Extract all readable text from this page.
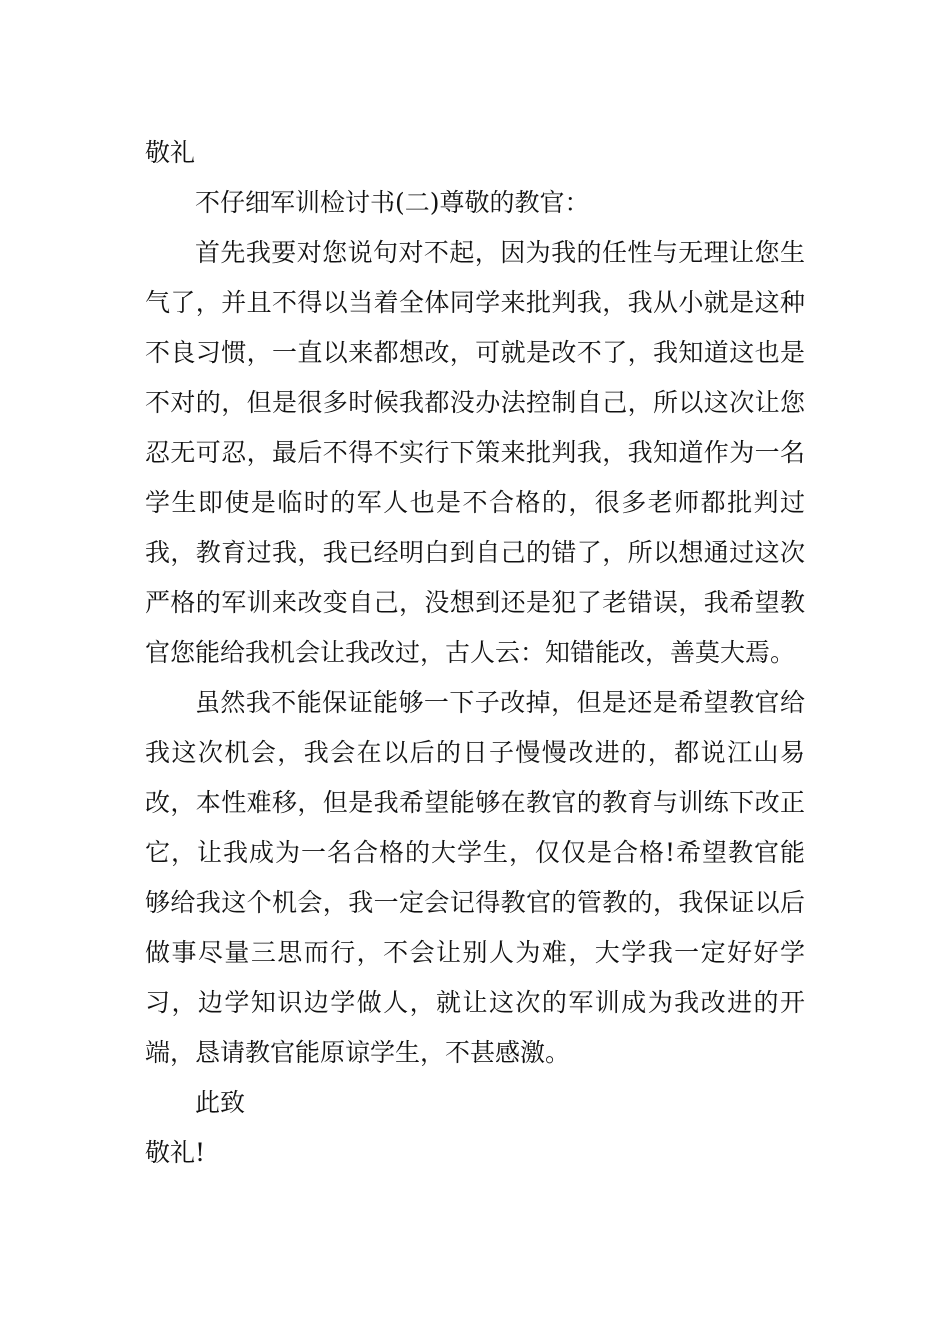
敬礼

不仔细军训检讨书(二)尊敬的教官：

首先我要对您说句对不起，因为我的任性与无理让您生气了，并且不得以当着全体同学来批判我，我从小就是这种不良习惯，一直以来都想改，可就是改不了，我知道这也是不对的，但是很多时候我都没办法控制自己，所以这次让您忍无可忍，最后不得不实行下策来批判我，我知道作为一名学生即使是临时的军人也是不合格的，很多老师都批判过我，教育过我，我已经明白到自己的错了，所以想通过这次严格的军训来改变自己，没想到还是犯了老错误，我希望教官您能给我机会让我改过，古人云：知错能改，善莫大焉。

虽然我不能保证能够一下子改掉，但是还是希望教官给我这次机会，我会在以后的日子慢慢改进的，都说江山易改，本性难移，但是我希望能够在教官的教育与训练下改正它，让我成为一名合格的大学生，仅仅是合格!希望教官能够给我这个机会，我一定会记得教官的管教的，我保证以后做事尽量三思而行，不会让别人为难，大学我一定好好学习，边学知识边学做人，就让这次的军训成为我改进的开端，恳请教官能原谅学生，不甚感激。

此致

敬礼!
